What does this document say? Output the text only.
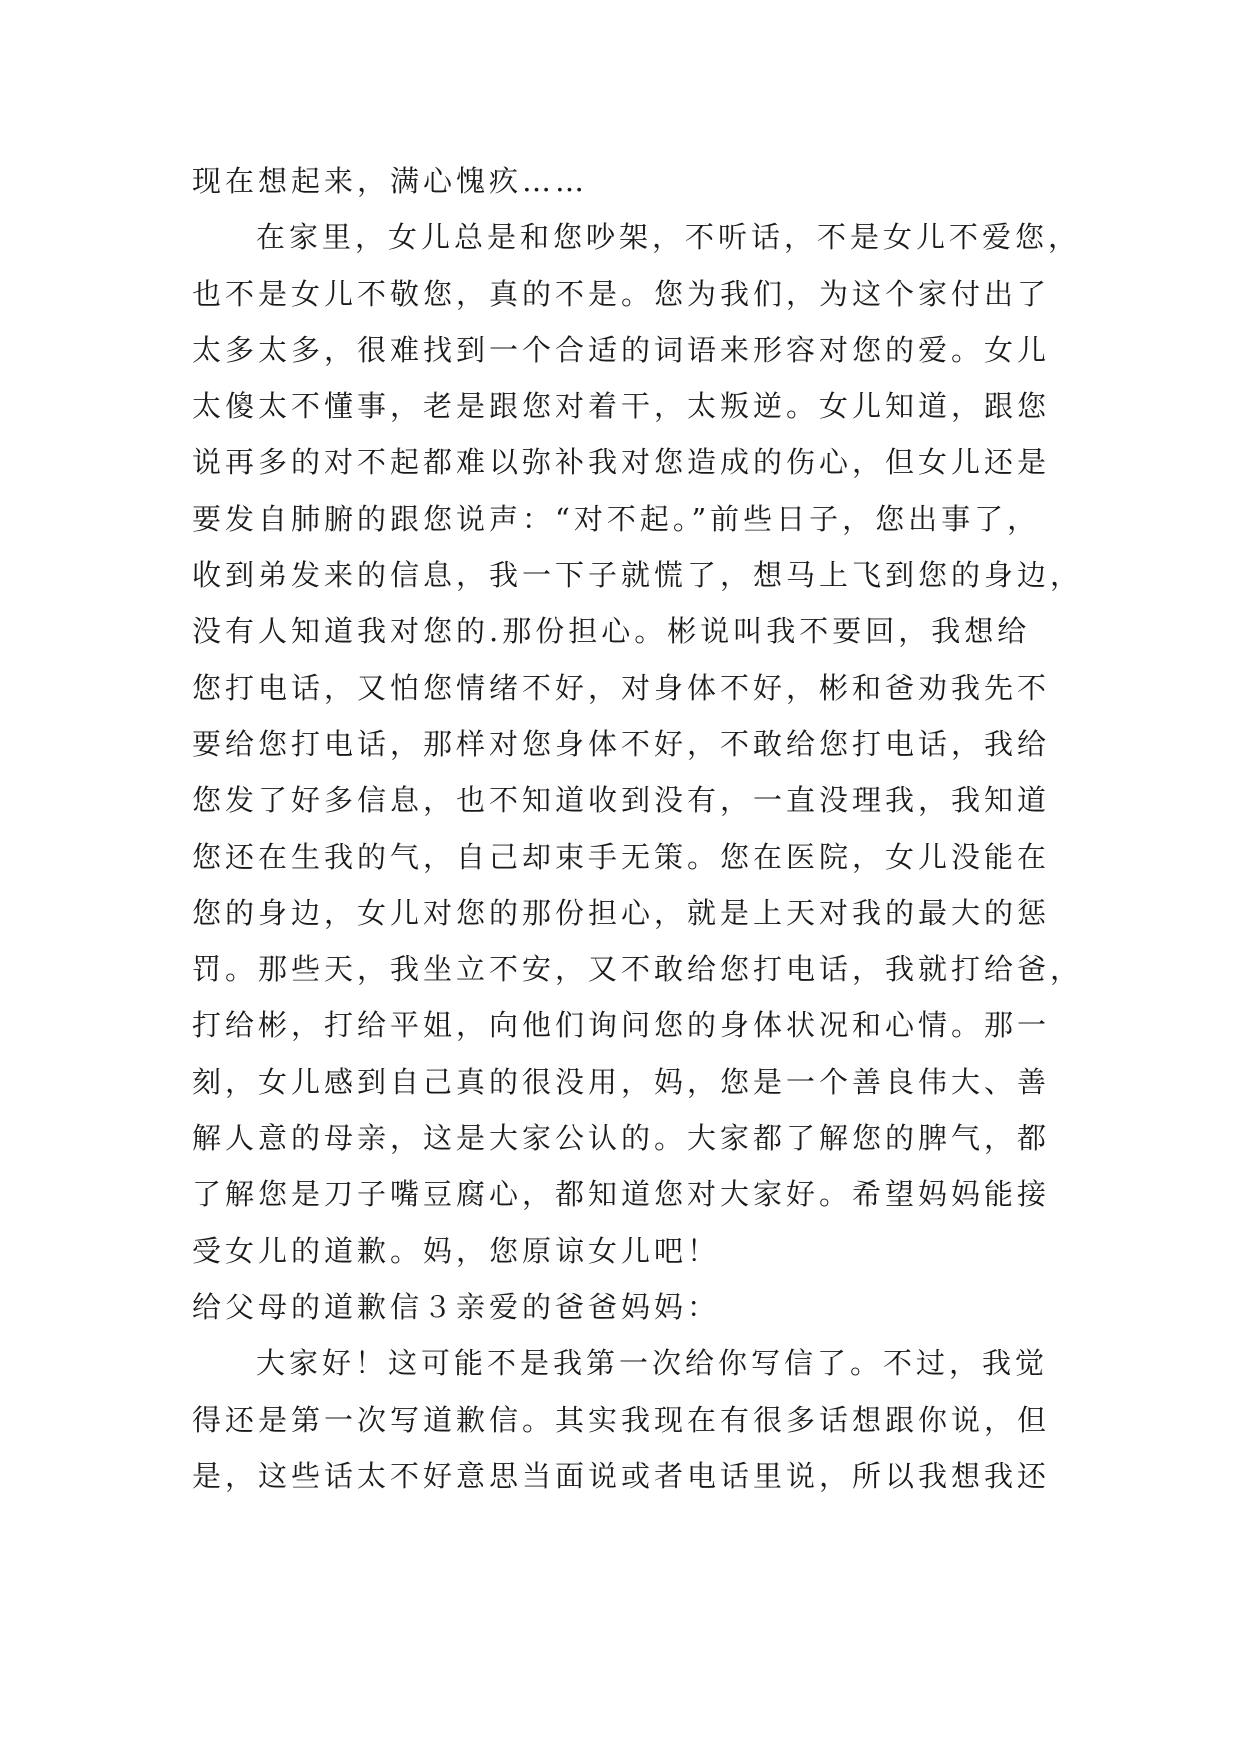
现在想起来，满心愧疚……
在家里，女儿总是和您吵架，不听话，不是女儿不爱您，
也不是女儿不敬您，真的不是。您为我们，为这个家付出了
太多太多，很难找到一个合适的词语来形容对您的爱。女儿
太傻太不懂事，老是跟您对着干，太叛逆。女儿知道，跟您
说再多的对不起都难以弥补我对您造成的伤心，但女儿还是
要发自肺腑的跟您说声：“对不起。”前些日子，您出事了，
收到弟发来的信息，我一下子就慌了，想马上飞到您的身边，
没有人知道我对您的.那份担心。彬说叫我不要回，我想给
您打电话，又怕您情绪不好，对身体不好，彬和爸劝我先不
要给您打电话，那样对您身体不好，不敢给您打电话，我给
您发了好多信息，也不知道收到没有，一直没理我，我知道
您还在生我的气，自己却束手无策。您在医院，女儿没能在
您的身边，女儿对您的那份担心，就是上天对我的最大的惩
罚。那些天，我坐立不安，又不敢给您打电话，我就打给爸，
打给彬，打给平姐，向他们询问您的身体状况和心情。那一
刻，女儿感到自己真的很没用，妈，您是一个善良伟大、善
解人意的母亲，这是大家公认的。大家都了解您的脾气，都
了解您是刀子嘴豆腐心，都知道您对大家好。希望妈妈能接
受女儿的道歉。妈，您原谅女儿吧！
给父母的道歉信３亲爱的爸爸妈妈：
大家好！这可能不是我第一次给你写信了。不过，我觉
得还是第一次写道歉信。其实我现在有很多话想跟你说，但
是，这些话太不好意思当面说或者电话里说，所以我想我还
